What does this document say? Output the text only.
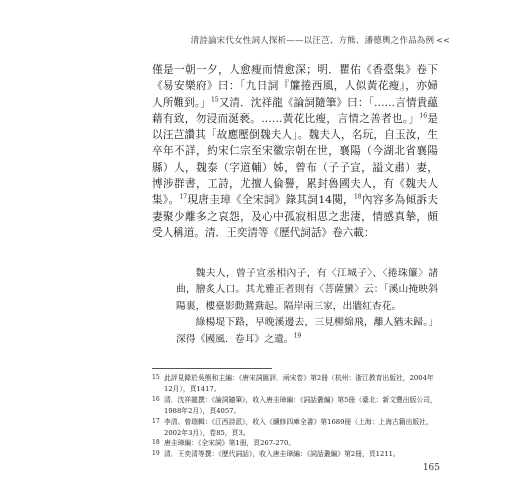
清詩論宋代女性詞人探析——以汪芑、方熊、潘德輿之作品為例 <<

僅是一朝一夕，人愈瘦而情愈深；明．瞿佑《香臺集》卷下《易安樂府》曰：「九日詞『簾捲西風，人似黃花瘦』，亦婦人所難到。」$^{15}$又清．沈祥龍《論詞隨筆》曰：「……言情貴蘊藉有致，勿浸而涎褻。……黃花比瘦，言情之善者也。」$^{16}$是以汪芑讚其「故應壓倒魏夫人」。魏夫人，名玩，自玉汝，生卒年不詳，約宋仁宗至宋徽宗朝在世，襄陽（今湖北省襄陽縣）人，魏泰（字道輔）姊，曾布（子子宣，謚文肅）妻，博涉群書，工詩，尤擅人倫譽，累封魯國夫人，有《魏夫人集》。$^{17}$現唐圭璋《全宋詞》錄其詞14闋，$^{18}$內容多為傾訴夫妻聚少離多之哀怨，及心中孤寂相思之悲淒，情感真摯，頗受人稱道。清．王奕清等《歷代詞話》卷六載：

魏夫人，曾子宣丞相內子，有〈江城子〉、〈捲珠簾〉諸曲，膾炙人口。其尤雅正者則有〈菩薩蠻〉云：「溪山掩映斜陽裏，樓臺影動鴛鴦起。隔岸兩三家，出牆紅杏花。

綠楊堤下路，早晚溪邊去，三見柳綿飛，離人猶未歸。」深得《國風．卷耳》之遺。$^{19}$

15 此評見錄於吳熊和主編：《唐宋詞匯評．兩宋卷》第2冊（杭州：浙江教育出版社，2004年12月），頁1417。
16 清．沈祥龍撰：《論詞隨筆》，收入唐圭璋編：《詞話叢編》第5冊（臺北：新文豐出版公司，1988年2月），頁4057。
17 李清、曾瑞輯：《江西詩派》，收入《續修四庫全書》第1689冊（上海：上海古籍出版社，2002年3月），卷85，頁3。
18 唐圭璋編：《全宋詞》第1冊，頁267-270。
19 清．王奕清等撰：《歷代詞話》，收入唐圭璋編：《詞話叢編》第2冊，頁1211。
165
